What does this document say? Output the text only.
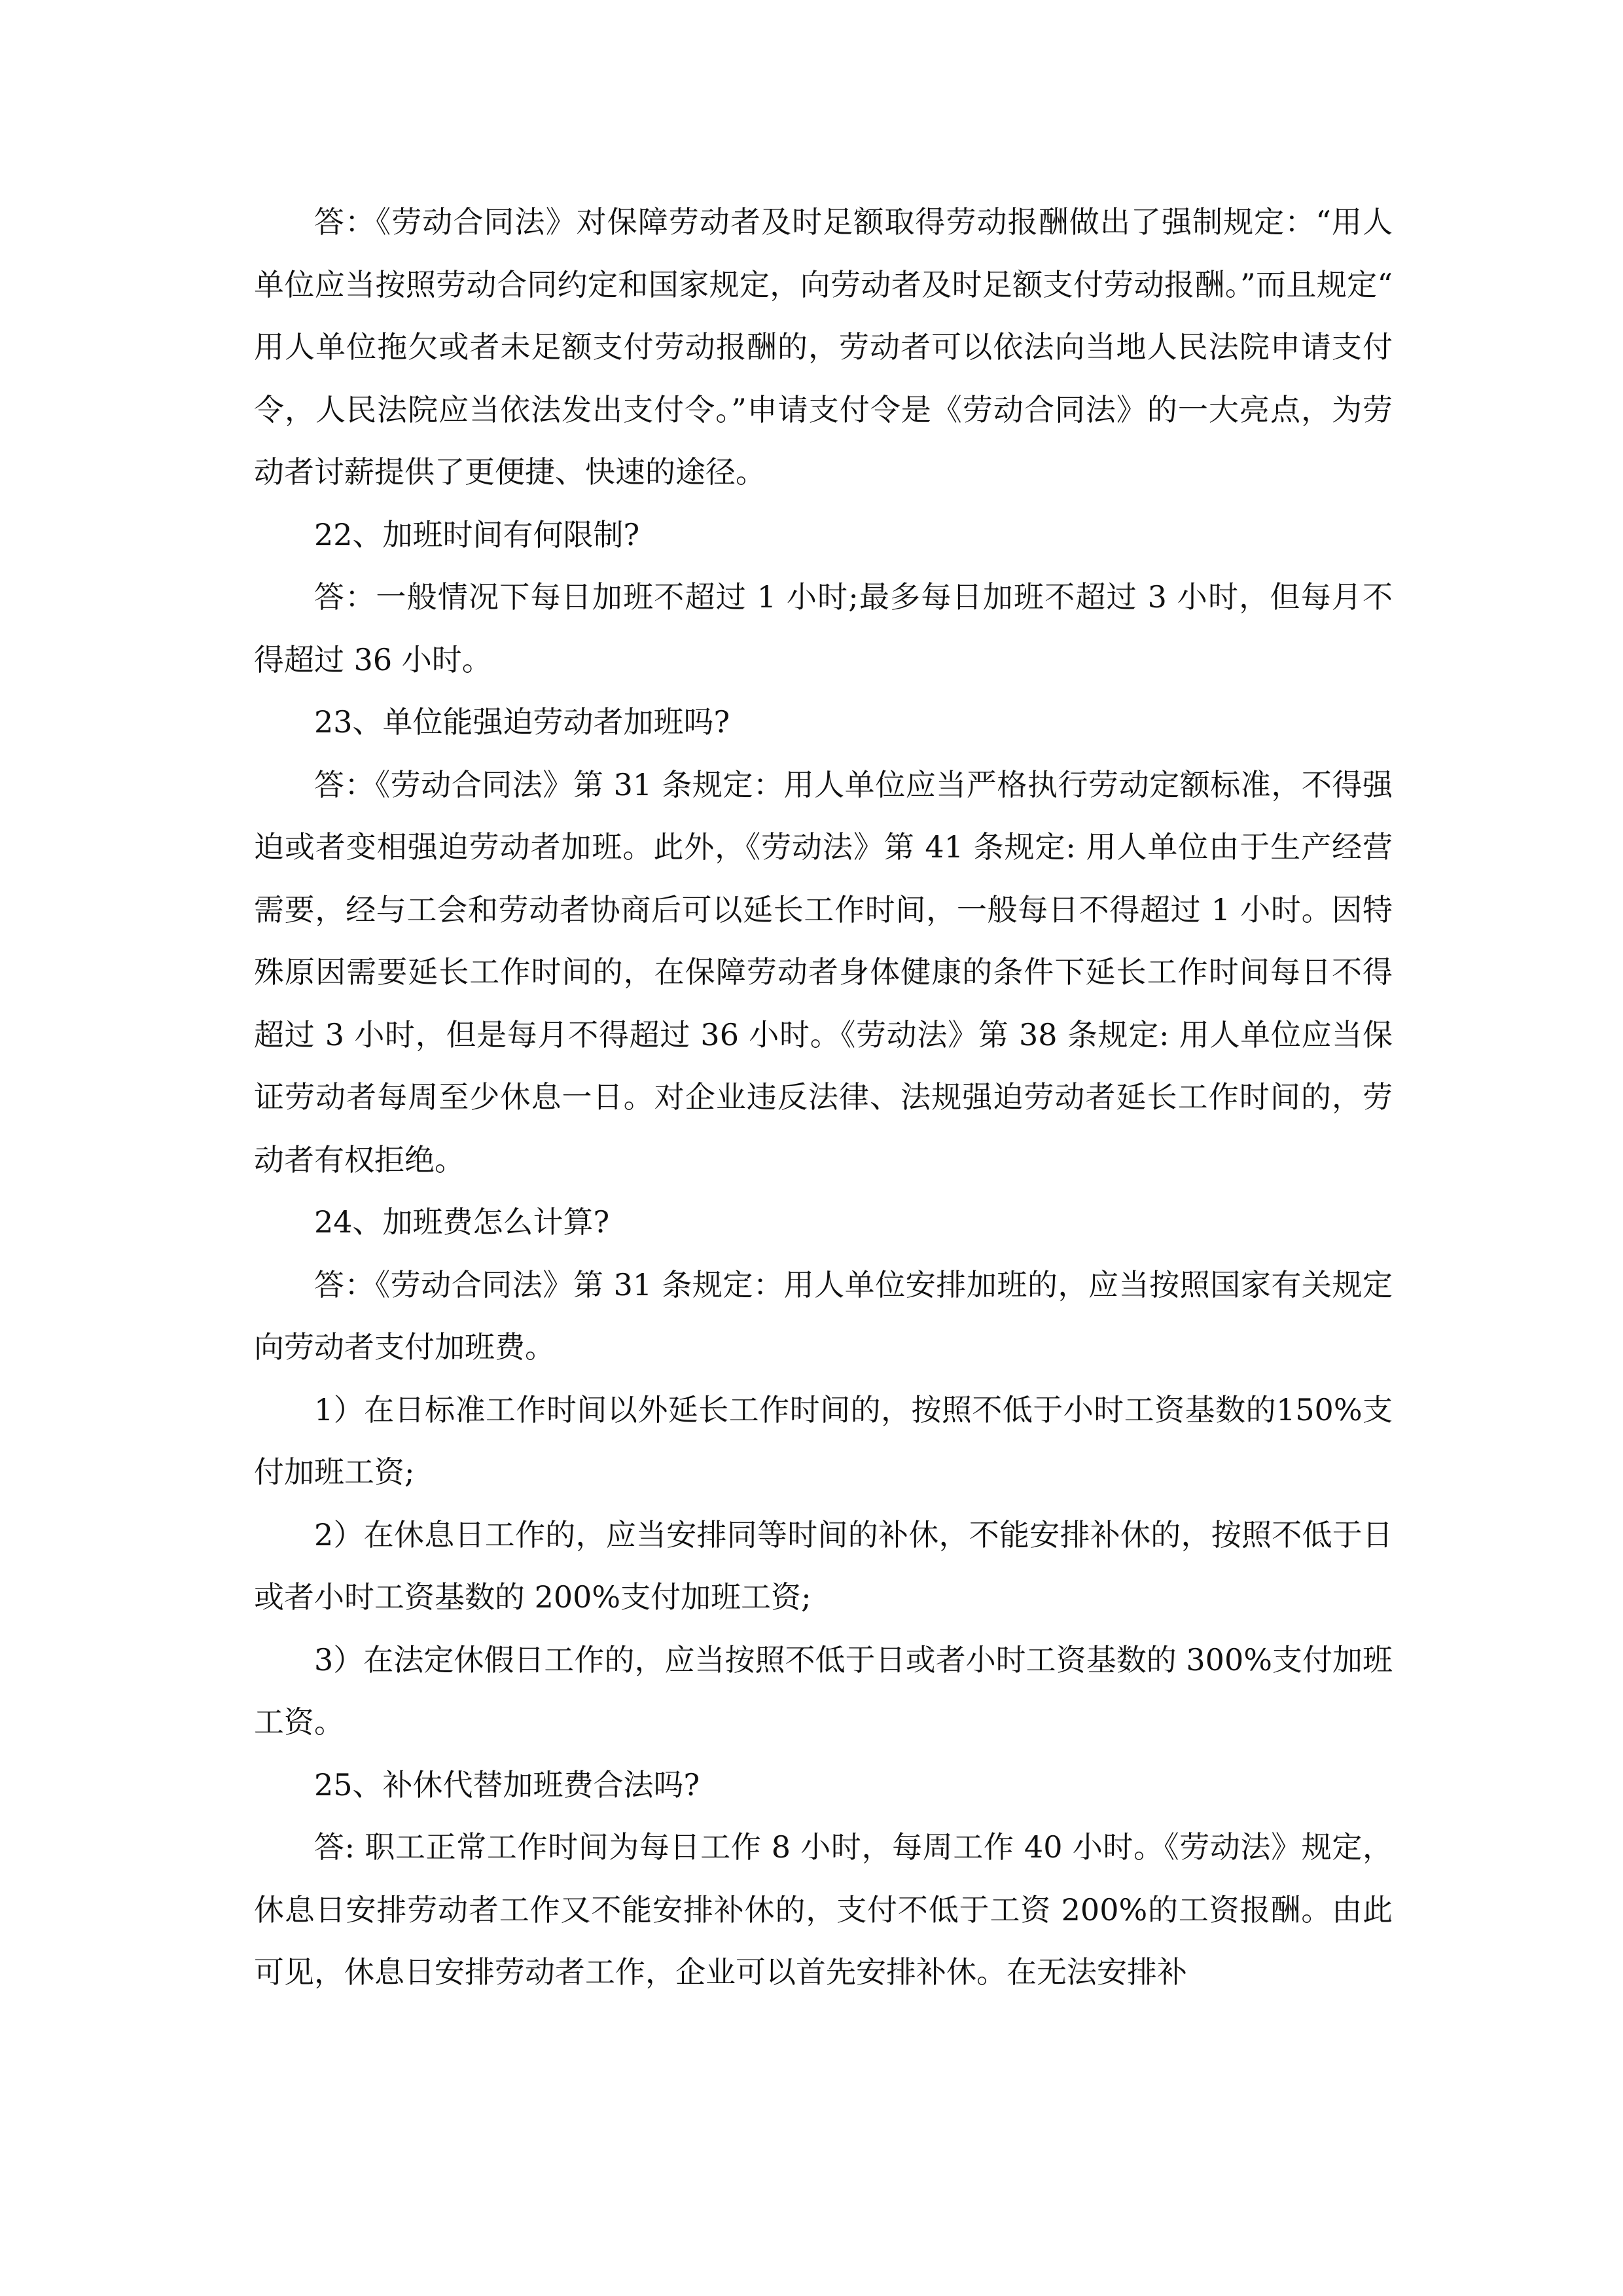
答：《劳动合同法》对保障劳动者及时足额取得劳动报酬做出了强制规定：“用人单位应当按照劳动合同约定和国家规定，向劳动者及时足额支付劳动报酬。”而且规定“用人单位拖欠或者未足额支付劳动报酬的，劳动者可以依法向当地人民法院申请支付令，人民法院应当依法发出支付令。”申请支付令是《劳动合同法》的一大亮点，为劳动者讨薪提供了更便捷、快速的途径。

22、加班时间有何限制?

答：一般情况下每日加班不超过 1 小时;最多每日加班不超过 3 小时，但每月不得超过 36 小时。

23、单位能强迫劳动者加班吗?

答：《劳动合同法》第 31 条规定：用人单位应当严格执行劳动定额标准，不得强迫或者变相强迫劳动者加班。此外，《劳动法》第 41 条规定: 用人单位由于生产经营需要，经与工会和劳动者协商后可以延长工作时间，一般每日不得超过 1 小时。因特殊原因需要延长工作时间的，在保障劳动者身体健康的条件下延长工作时间每日不得超过 3 小时，但是每月不得超过 36 小时。《劳动法》第 38 条规定: 用人单位应当保证劳动者每周至少休息一日。对企业违反法律、法规强迫劳动者延长工作时间的，劳动者有权拒绝。

24、加班费怎么计算?

答：《劳动合同法》第 31 条规定：用人单位安排加班的，应当按照国家有关规定向劳动者支付加班费。

1）在日标准工作时间以外延长工作时间的，按照不低于小时工资基数的150%支付加班工资;

2）在休息日工作的，应当安排同等时间的补休，不能安排补休的，按照不低于日或者小时工资基数的 200%支付加班工资;

3）在法定休假日工作的，应当按照不低于日或者小时工资基数的 300%支付加班工资。

25、补休代替加班费合法吗?

答: 职工正常工作时间为每日工作 8 小时，每周工作 40 小时。《劳动法》规定，休息日安排劳动者工作又不能安排补休的，支付不低于工资 200%的工资报酬。由此可见，休息日安排劳动者工作，企业可以首先安排补休。在无法安排补
